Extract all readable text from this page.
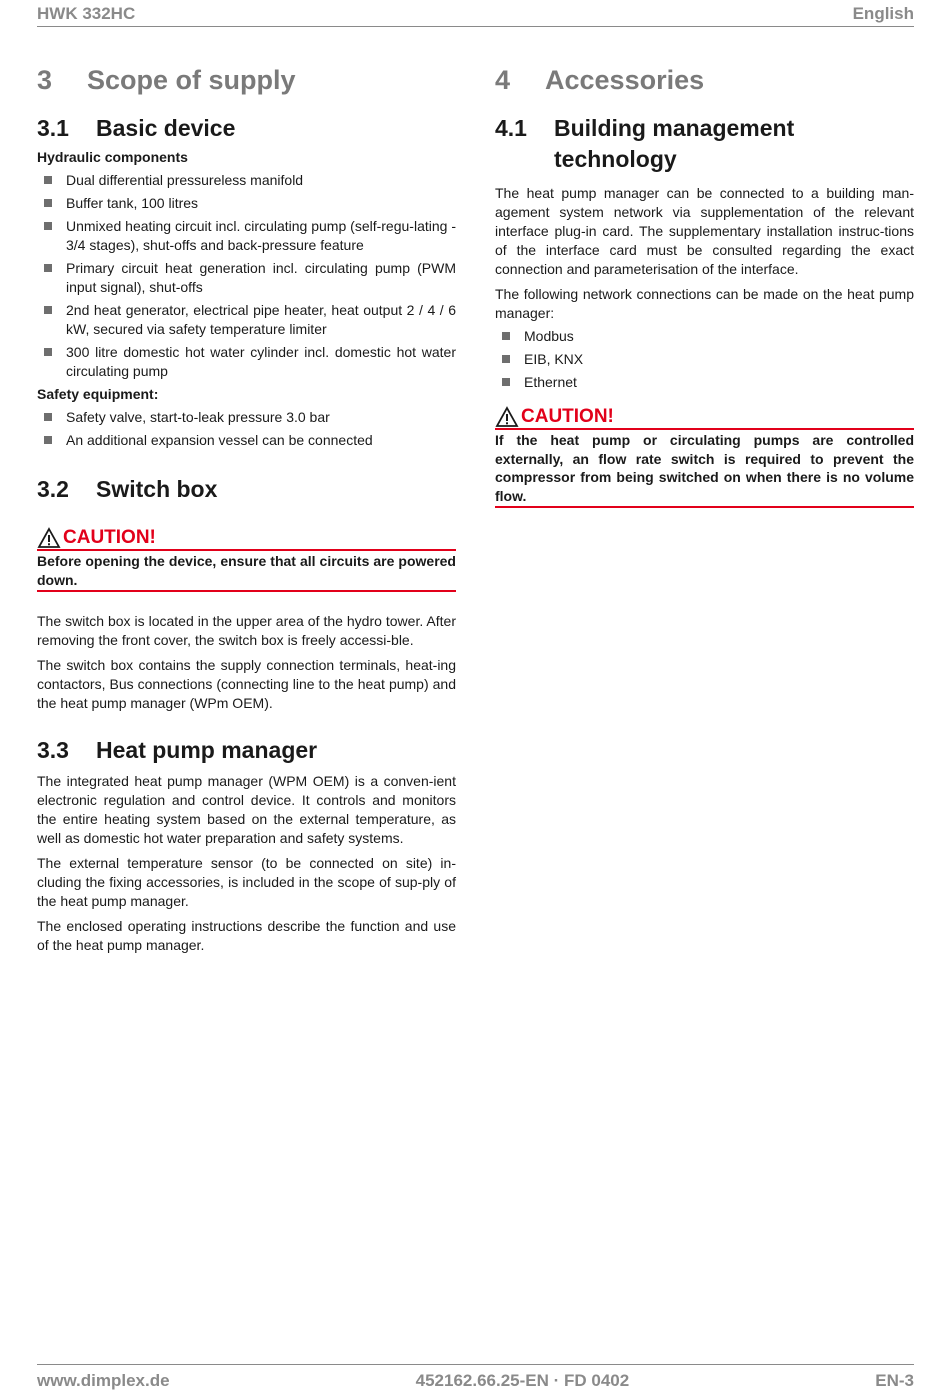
HWK 332HC	English
3	Scope of supply
3.1	Basic device
Hydraulic components
Dual differential pressureless manifold
Buffer tank, 100 litres
Unmixed heating circuit incl. circulating pump (self-regu-lating - 3/4 stages), shut-offs and back-pressure feature
Primary circuit heat generation incl. circulating pump (PWM input signal), shut-offs
2nd heat generator, electrical pipe heater, heat output 2 / 4 / 6 kW, secured via safety temperature limiter
300 litre domestic hot water cylinder incl. domestic hot water circulating pump
Safety equipment:
Safety valve, start-to-leak pressure 3.0 bar
An additional expansion vessel can be connected
3.2	Switch box
CAUTION!
Before opening the device, ensure that all circuits are powered down.

The switch box is located in the upper area of the hydro tower. After removing the front cover, the switch box is freely accessi-ble.

The switch box contains the supply connection terminals, heat-ing contactors, Bus connections (connecting line to the heat pump) and the heat pump manager (WPm OEM).

3.3	Heat pump manager

The integrated heat pump manager (WPM OEM) is a conven-ient electronic regulation and control device. It controls and monitors the entire heating system based on the external temperature, as well as domestic hot water preparation and safety systems.

The external temperature sensor (to be connected on site) in-cluding the fixing accessories, is included in the scope of sup-ply of the heat pump manager.

The enclosed operating instructions describe the function and use of the heat pump manager.

4	Accessories
4.1	Building management technology

The heat pump manager can be connected to a building man-agement system network via supplementation of the relevant interface plug-in card. The supplementary installation instruc-tions of the interface card must be consulted regarding the exact connection and parameterisation of the interface.

The following network connections can be made on the heat pump manager:

Modbus
EIB, KNX
Ethernet
CAUTION!
If the heat pump or circulating pumps are controlled externally, an flow rate switch is required to prevent the compressor from being switched on when there is no volume flow.
www.dimplex.de	452162.66.25-EN · FD 0402	EN-3
